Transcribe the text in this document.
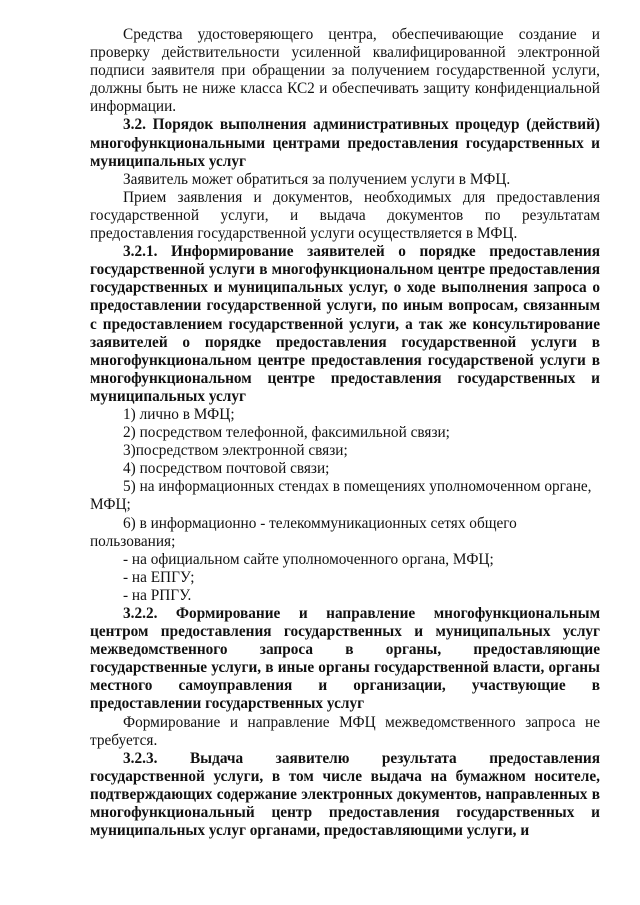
Средства удостоверяющего центра, обеспечивающие создание и проверку действительности усиленной квалифицированной электронной подписи заявителя при обращении за получением государственной услуги, должны быть не ниже класса КС2 и обеспечивать защиту конфиденциальной информации.

3.2. Порядок выполнения административных процедур (действий) многофункциональными центрами предоставления государственных и муниципальных услуг

Заявитель может обратиться за получением услуги в МФЦ.

Прием заявления и документов, необходимых для предоставления государственной услуги, и выдача документов по результатам предоставления государственной услуги осуществляется в МФЦ.

3.2.1. Информирование заявителей о порядке предоставления государственной услуги в многофункциональном центре предоставления государственных и муниципальных услуг, о ходе выполнения запроса о предоставлении государственной услуги, по иным вопросам, связанным с предоставлением государственной услуги, а так же консультирование заявителей о порядке предоставления государственной услуги в многофункциональном центре предоставления государственой услуги в многофункциональном центре предоставления государственных и муниципальных услуг

1) лично в МФЦ;

2) посредством телефонной, факсимильной связи;

3)посредством электронной связи;

4) посредством почтовой связи;

5) на информационных стендах в помещениях уполномоченном органе, МФЦ;

6) в информационно - телекоммуникационных сетях общего пользования;

- на официальном сайте уполномоченного органа, МФЦ;

- на ЕПГУ;

- на РПГУ.

3.2.2. Формирование и направление многофункциональным центром предоставления государственных и муниципальных услуг межведомственного запроса в органы, предоставляющие государственные услуги, в иные органы государственной власти, органы местного самоуправления и организации, участвующие в предоставлении государственных услуг

Формирование и направление МФЦ межведомственного запроса не требуется.

3.2.3. Выдача заявителю результата предоставления государственной услуги, в том числе выдача на бумажном носителе, подтверждающих содержание электронных документов, направленных в многофункциональный центр предоставления государственных и муниципальных услуг органами, предоставляющими услуги, и
